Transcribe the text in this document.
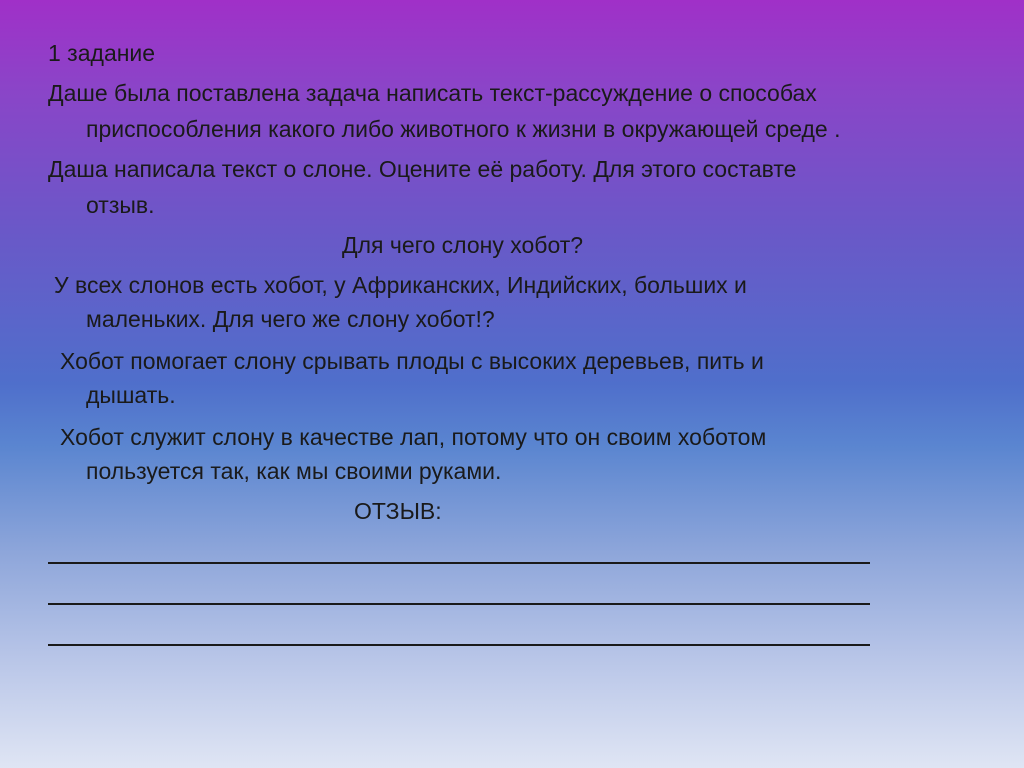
1 задание
Даше была поставлена задача написать текст-рассуждение о способах
приспособления какого либо животного к жизни в окружающей среде .
Даша написала текст о слоне. Оцените её работу. Для этого составте
отзыв.
Для чего слону хобот?
У всех слонов есть хобот, у Африканских, Индийских, больших и
маленьких. Для чего же слону хобот!?
Хобот помогает слону срывать плоды с высоких деревьев, пить и
дышать.
Хобот служит слону в качестве лап, потому что он своим хоботом
пользуется так, как мы своими руками.
ОТЗЫВ:
